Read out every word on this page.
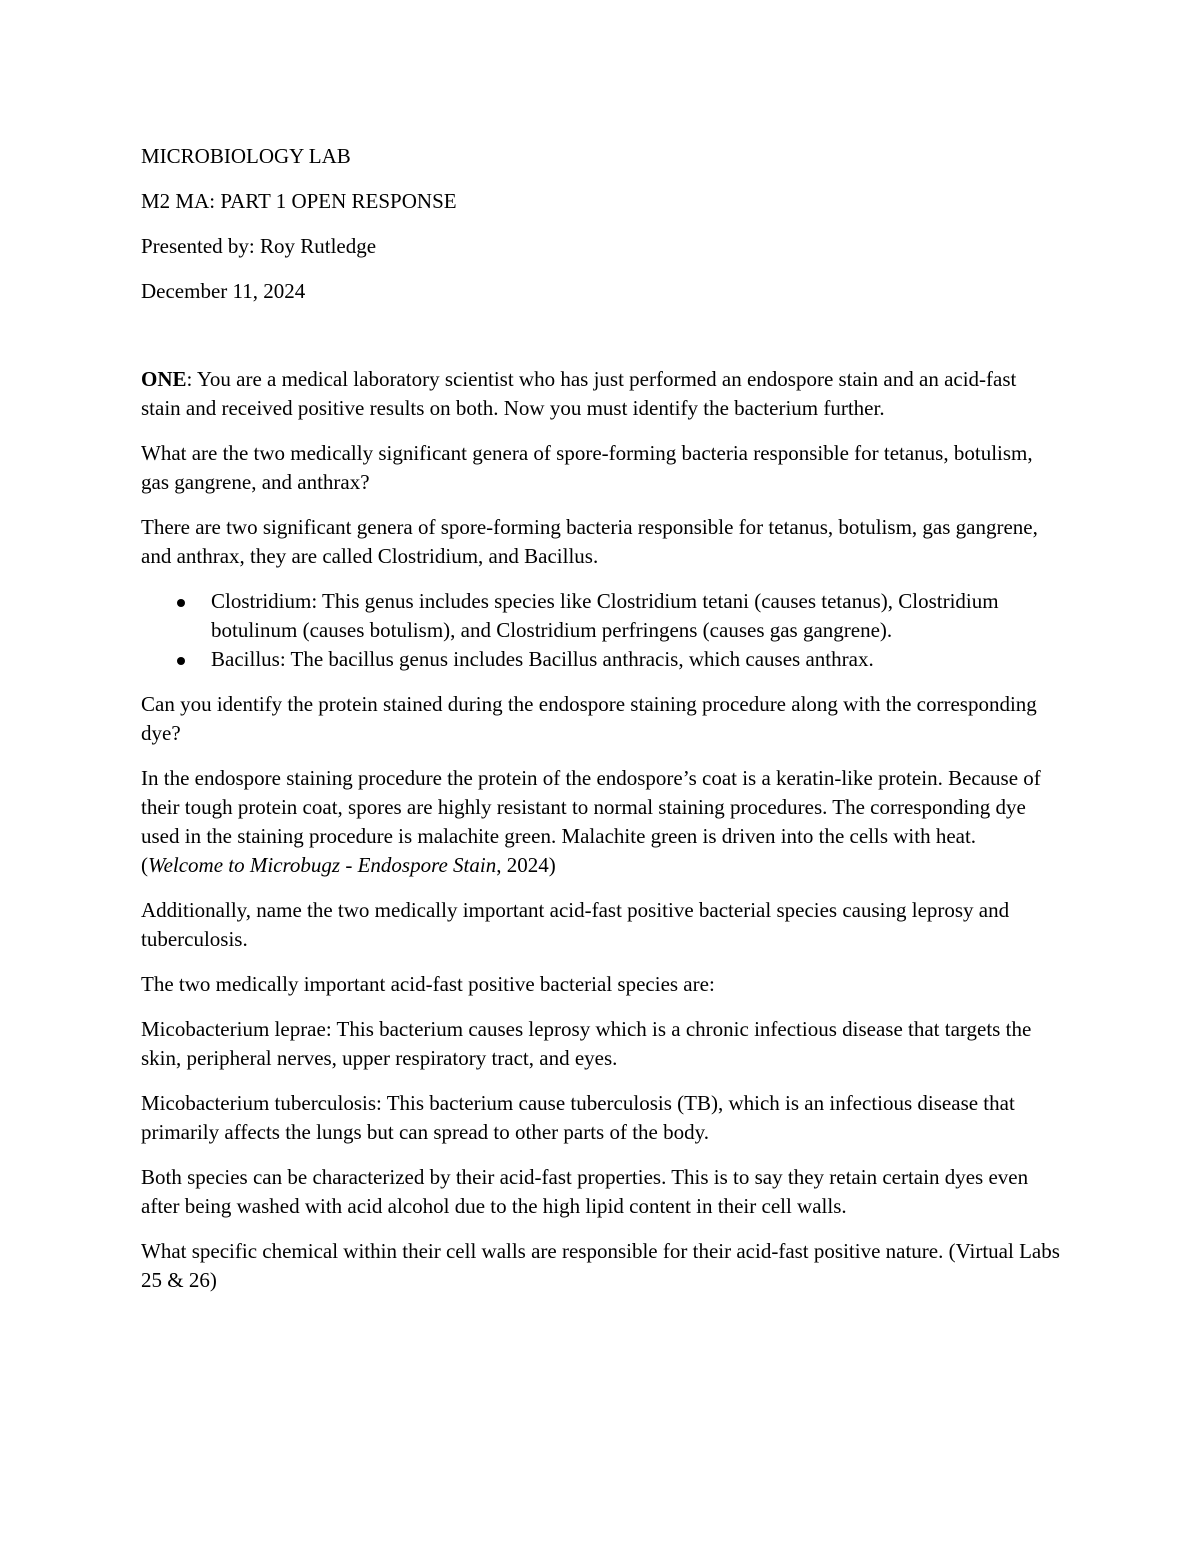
MICROBIOLOGY LAB
M2 MA: PART 1 OPEN RESPONSE
Presented by: Roy Rutledge
December 11, 2024

ONE: You are a medical laboratory scientist who has just performed an endospore stain and an acid-fast stain and received positive results on both. Now you must identify the bacterium further.

What are the two medically significant genera of spore-forming bacteria responsible for tetanus, botulism, gas gangrene, and anthrax?

There are two significant genera of spore-forming bacteria responsible for tetanus, botulism, gas gangrene, and anthrax, they are called Clostridium, and Bacillus.

Clostridium: This genus includes species like Clostridium tetani (causes tetanus), Clostridium botulinum (causes botulism), and Clostridium perfringens (causes gas gangrene).
Bacillus: The bacillus genus includes Bacillus anthracis, which causes anthrax.

Can you identify the protein stained during the endospore staining procedure along with the corresponding dye?

In the endospore staining procedure the protein of the endospore’s coat is a keratin-like protein. Because of their tough protein coat, spores are highly resistant to normal staining procedures. The corresponding dye used in the staining procedure is malachite green. Malachite green is driven into the cells with heat. (Welcome to Microbugz - Endospore Stain, 2024)

Additionally, name the two medically important acid-fast positive bacterial species causing leprosy and tuberculosis.

The two medically important acid-fast positive bacterial species are:

Micobacterium leprae: This bacterium causes leprosy which is a chronic infectious disease that targets the skin, peripheral nerves, upper respiratory tract, and eyes.

Micobacterium tuberculosis: This bacterium cause tuberculosis (TB), which is an infectious disease that primarily affects the lungs but can spread to other parts of the body.

Both species can be characterized by their acid-fast properties. This is to say they retain certain dyes even after being washed with acid alcohol due to the high lipid content in their cell walls.

What specific chemical within their cell walls are responsible for their acid-fast positive nature. (Virtual Labs 25 & 26)
